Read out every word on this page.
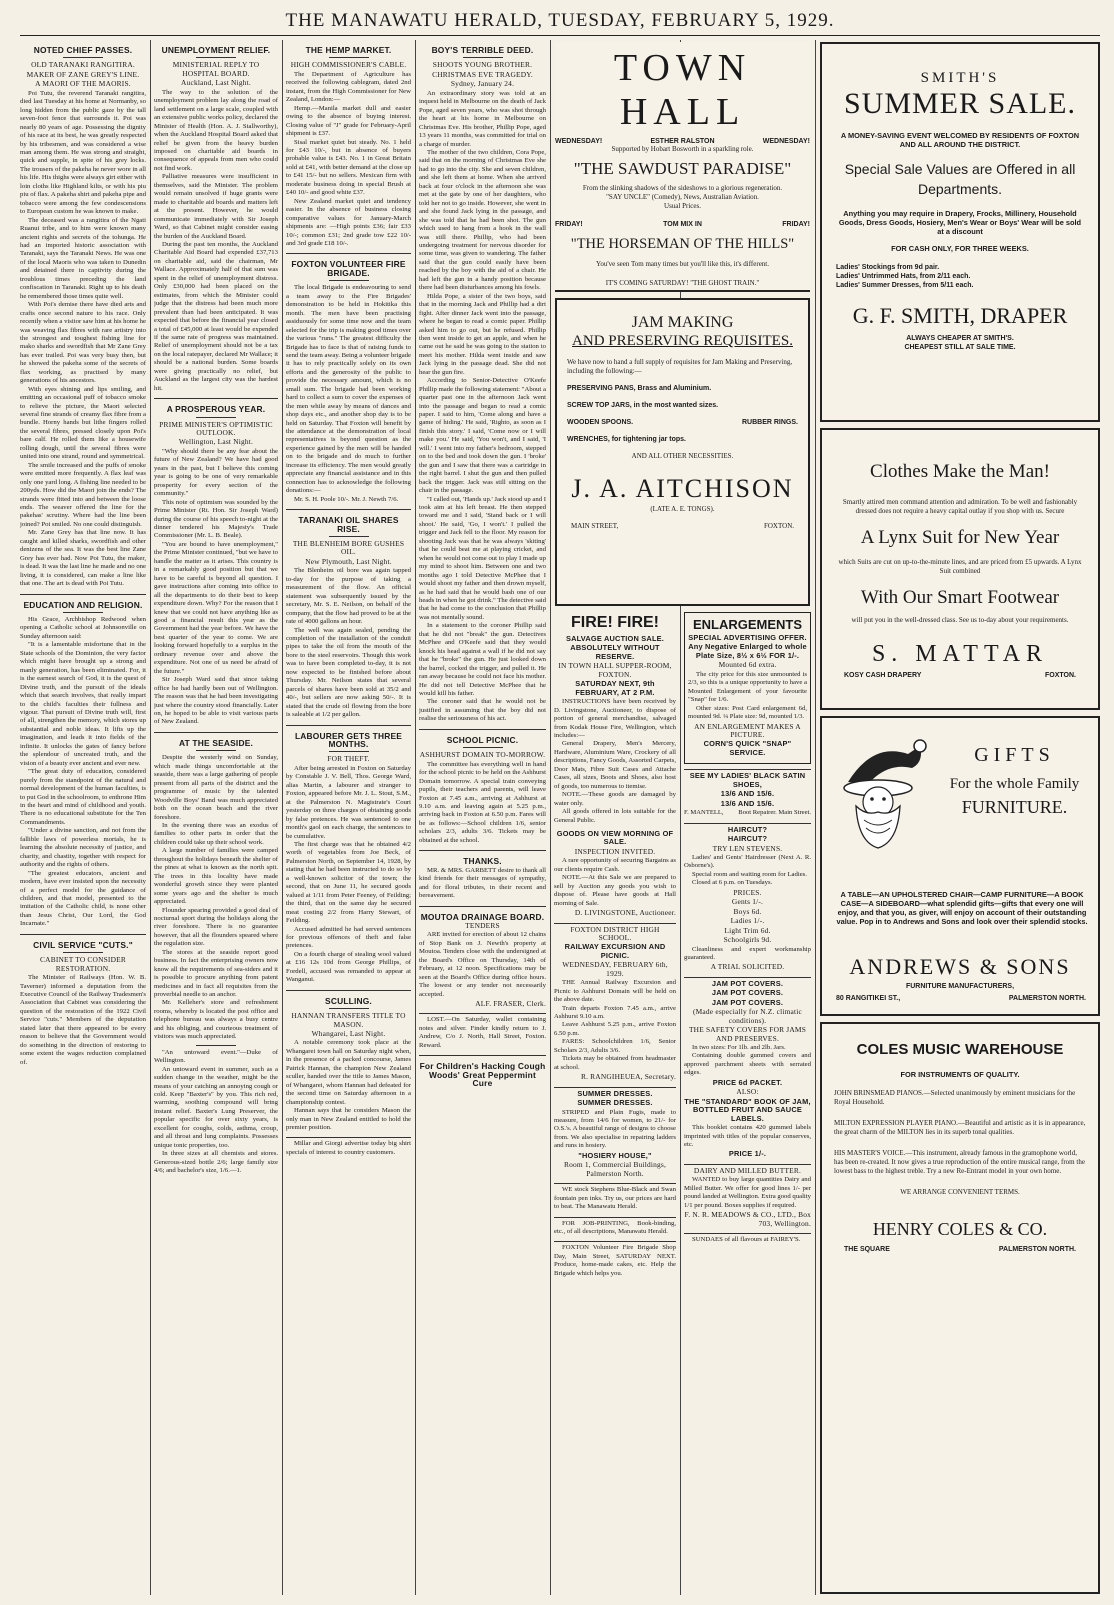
THE MANAWATU HERALD, TUESDAY, FEBRUARY 5, 1929.
NOTED CHIEF PASSES.
OLD TARANAKI RANGITIRA.
MAKER OF ZANE GREY'S LINE.
A MAORI OF THE MAORIS.

Poi Tutu, the reverend Taranaki rangitira, died last Tuesday at his home at Normanby, so long hidden from the public gaze by the tall seven-foot fence that surrounds it. Poi was nearly 80 years of age. Possessing the dignity of his race at its best, he was greatly respected by his tribesmen, and was considered a wise man among them. He was strong and straight, quick and supple, in spite of his grey locks. The trousers of the pakeha he never wore in all his life. His thighs were always girt either with loin cloths like Highland kilts, or with his piu piu of flax. A pakeha shirt and pakeha pipe and tobacco were among the few condescensions to European custom he was known to make.

The deceased was a rangitira of the Ngati Ruanui tribe, and to him were known many ancient rights and secrets of the tohunga. He had an imported historic association with Taranaki, says the Taranaki News. He was one of the local Maoris who was taken to Dunedin and detained there in captivity during the troublous times preceding the land confiscation in Taranaki. Right up to his death he remembered those times quite well.

With Poi's demise there have died arts and crafts once second nature to his race. Only recently when a visitor saw him at his home he was weaving flax fibres with rare artistry into the strongest and toughest fishing line for mako sharks and swordfish that Mr Zane Grey has ever trailed. Poi was very busy then, but he showed the pakeha some of the secrets of flax working, as practised by many generations of his ancestors.

With eyes shining and lips smiling, and emitting an occasional puff of tobacco smoke to relieve the picture, the Maori selected several fine strands of creamy flax fibre from a bundle. Horny hands but lithe fingers rolled the several fibres, pressed closely upon Poi's bare calf. He rolled them like a housewife rolling dough, until the several fibres were united into one strand, round and symmetrical.

The smile increased and the puffs of smoke were emitted more frequently. A flax leaf was only one yard long. A fishing line needed to be 200yds. How did the Maori join the ends? The strands were fitted into and between the loose ends. The weaver offered the line for the pakehas' scrutiny. Where had the line been joined? Poi smiled. No one could distinguish.

Mr. Zane Grey has that line now. It has caught and killed sharks, swordfish and other denizens of the sea. It was the best line Zane Grey has ever had. Now Poi Tutu, the maker, is dead. It was the last line he made and no one living, it is considered, can make a line like that one. The art is dead with Poi Tutu.

EDUCATION AND RELIGION.

His Grace, Archbishop Redwood when opening a Catholic school at Johnsonville on Sunday afternoon said:

"It is a lamentable misfortune that in the State schools of the Dominion, the very factor which might have brought up a strong and manly generation, has been eliminated. For, it is the earnest search of God, it is the quest of Divine truth, and the pursuit of the ideals which that search involves, that really impart to the child's faculties their fullness and vigour. That pursuit of Divine truth will, first of all, strengthen the memory, which stores up substantial and noble ideas. It lifts up the imagination, and leads it into fields of the infinite. It unlocks the gates of fancy before the splendour of uncreated truth, and the vision of a beauty ever ancient and ever new.

"The great duty of education, considered purely from the standpoint of the natural and normal development of the human faculties, is to put God in the schoolroom, to enthrone Him in the heart and mind of childhood and youth. There is no educational substitute for the Ten Commandments.

"Under a divine sanction, and not from the fallible laws of powerless mortals, he is learning the absolute necessity of justice, and charity, and chastity, together with respect for authority and the rights of others.

"The greatest educators, ancient and modern, have ever insisted upon the necessity of a perfect model for the guidance of children, and that model, presented to the imitation of the Catholic child, is none other than Jesus Christ, Our Lord, the God Incarnate."

CIVIL SERVICE "CUTS."
CABINET TO CONSIDER RESTORATION.

The Minister of Railways (Hon. W. B. Taverner) informed a deputation from the Executive Council of the Railway Tradesmen's Association that Cabinet was considering the question of the restoration of the 1922 Civil Service "cuts." Members of the deputation stated later that there appeared to be every reason to believe that the Government would do something in the direction of restoring to some extent the wages reduction complained of.

UNEMPLOYMENT RELIEF.
MINISTERIAL REPLY TO HOSPITAL BOARD.
Auckland, Last Night.

The way to the solution of the unemployment problem lay along the road of land settlement on a large scale, coupled with an extensive public works policy, declared the Minister of Health (Hon. A. J. Stallworthy), when the Auckland Hospital Board asked that relief be given from the heavy burden imposed on charitable aid boards in consequence of appeals from men who could not find work.

Palliative measures were insufficient in themselves, said the Minister. The problem would remain unsolved if huge grants were made to charitable aid boards and matters left at the present. However, he would communicate immediately with Sir Joseph Ward, so that Cabinet might consider easing the burden of the Auckland Board.

During the past ten months, the Auckland Charitable Aid Board had expended £37,713 on charitable aid, said the chairman, Mr Wallace. Approximately half of that sum was spent in the relief of unemployment distress. Only £30,000 had been placed on the estimates, from which the Minister could judge that the distress had been much more prevalent than had been anticipated. It was expected that before the financial year closed a total of £45,000 at least would be expended if the same rate of progress was maintained. Relief of unemployment should not be a tax on the local ratepayer, declared Mr Wallace; it should be a national burden. Some boards were giving practically no relief, but Auckland as the largest city was the hardest hit.

A PROSPEROUS YEAR.
PRIME MINISTER'S OPTIMISTIC OUTLOOK.
Wellington, Last Night.

"Why should there be any fear about the future of New Zealand? We have had good years in the past, but I believe this coming year is going to be one of very remarkable prosperity for every section of the community."

This note of optimism was sounded by the Prime Minister (Rt. Hon. Sir Joseph Ward) during the course of his speech to-night at the dinner tendered his Majesty's Trade Commissioner (Mr. L. B. Beale).

"You are bound to have unemployment," the Prime Minister continued, "but we have to handle the matter as it arises. This country is in a remarkably good position but that we have to be careful is beyond all question. I gave instructions after coming into office to all the departments to do their best to keep expenditure down. Why? For the reason that I knew that we could not have anything like as good a financial result this year as the Government had the year before. We have the best quarter of the year to come. We are looking forward hopefully to a surplus in the ordinary revenue over and above the expenditure. Not one of us need be afraid of the future."

Sir Joseph Ward said that since taking office he had hardly been out of Wellington. The reason was that he had been investigating just where the country stood financially. Later on, he hoped to be able to visit various parts of New Zealand.

AT THE SEASIDE.

Despite the westerly wind on Sunday, which made things uncomfortable at the seaside, there was a large gathering of people present from all parts of the district and the programme of music by the talented Woodville Boys' Band was much appreciated both on the ocean beach and the river foreshore.

In the evening there was an exodus of families to other parts in order that the children could take up their school work.

A large number of families were camped throughout the holidays beneath the shelter of the pines at what is known as the north spit. The trees in this locality have made wonderful growth since they were planted some years ago and the shelter is much appreciated.

Flounder spearing provided a good deal of nocturnal sport during the holidays along the river foreshore. There is no guarantee however, that all the flounders speared where the regulation size.

The stores at the seaside report good business. In fact the enterprising owners now know all the requirements of sea-siders and it is possible to procure anything from patent medicines and in fact all requisites from the proverbial needle to an anchor.

Mr. Kelleher's store and refreshment rooms, whereby is located the post office and telephone bureau was always a busy centre and his obliging, and courteous treatment of visitors was much appreciated.

"An untoward event."—Duke of Wellington.

An untoward event in summer, such as a sudden change in the weather, might be the means of your catching an annoying cough or cold. Keep "Baxter's" by you. This rich red, warming, soothing compound will bring instant relief. Baxter's Lung Preserver, the popular specific for over sixty years, is excellent for coughs, colds, asthma, croup, and all throat and lung complaints. Possesses unique tonic properties, too.

In three sizes at all chemists and stores. Generous-sized bottle 2/6; large family size 4/6; and bachelor's size, 1/6.—1.

THE HEMP MARKET.
HIGH COMMISSIONER'S CABLE.

The Department of Agriculture has received the following cablegram, dated 2nd instant, from the High Commissioner for New Zealand, London:—

Hemp.—Manila market dull and easier owing to the absence of buying interest. Closing value of "J" grade for February-April shipment is £37.

Sisal market quiet but steady. No. 1 held for £43 10/-, but in absence of buyers probable value is £43. No. 1 in Great Britain sold at £41, with better demand at the close up to £41 15/- but no sellers. Mexican firm with moderate business doing in special Brush at £40 10/- and good white £37.

New Zealand market quiet and tendency easier. In the absence of business closing comparative values for January-March shipments are: —High points £36; fair £33 10/-; common £31; 2nd grade tow £22 10/- and 3rd grade £18 10/-.

FOXTON VOLUNTEER FIRE BRIGADE.

The local Brigade is endeavouring to send a team away to the Fire Brigades' demonstration to be held in Hokitika this month. The men have been practising assiduously for some time now and the team selected for the trip is making good times over the various "runs." The greatest difficulty the Brigade has to face is that of raising funds to send the team away. Being a volunteer brigade it has to rely practically solely on its own efforts and the generosity of the public to provide the necessary amount, which is no small sum. The brigade had been working hard to collect a sum to cover the expenses of the men while away by means of dances and shop days etc., and another shop day is to be held on Saturday. That Foxton will benefit by the attendance at the demonstration of local representatives is beyond question as the experience gained by the men will be handed on to the brigade and do much to further increase its efficiency. The men would greatly appreciate any financial assistance and in this connection has to acknowledge the following donations:—

Mr. S. H. Poole 10/-. Mr. J. Newth 7/6.

TARANAKI OIL SHARES RISE.
THE BLENHEIM BORE GUSHES OIL.
New Plymouth, Last Night.

The Blenheim oil bore was again tapped to-day for the purpose of taking a measurement of the flow. An official statement was subsequently issued by the secretary, Mr. S. E. Neilson, on behalf of the company, that the flow had proved to be at the rate of 4000 gallons an hour.

The well was again sealed, pending the completion of the installation of the conduit pipes to take the oil from the mouth of the bore to the steel reservoirs. Though this work was to have been completed to-day, it is not now expected to be finished before about Thursday. Mr. Neilson states that several parcels of shares have been sold at 35/2 and 40/-, but sellers are now asking 50/-. It is stated that the crude oil flowing from the bore is saleable at 1/2 per gallon.

LABOURER GETS THREE MONTHS.
FOR THEFT.

After being arrested in Foxton on Saturday by Constable J. V. Bell, Thos. George Ward, alias Martin, a labourer and stranger to Foxton, appeared before Mr. J. L. Stout, S.M., at the Palmerston N. Magistrate's Court yesterday on three charges of obtaining goods by false pretences. He was sentenced to one month's gaol on each charge, the sentences to be cumulative.

The first charge was that he obtained 4/2 worth of vegetables from Joe Beck, of Palmerston North, on September 14, 1928, by stating that he had been instructed to do so by a well-known solicitor of the town; the second, that on June 11, he secured goods valued at 1/11 from Peter Feeney, of Feilding; the third, that on the same day he secured meat costing 2/2 from Harry Stewart, of Feilding.

Accused admitted he had served sentences for previous offences of theft and false pretences.

On a fourth charge of stealing wool valued at £16 12s 10d from George Phillips, of Fordell, accused was remanded to appear at Wanganui.

SCULLING.
HANNAN TRANSFERS TITLE TO MASON.
Whangarei, Last Night.

A notable ceremony took place at the Whangarei town hall on Saturday night when, in the presence of a packed concourse, James Patrick Hannan, the champion New Zealand sculler, handed over the title to James Mason, of Whangarei, whom Hannan had defeated for the second time on Saturday afternoon in a championship contest.

Hannan says that he considers Mason the only man in New Zealand entitled to hold the premier position.

Millar and Giorgi advertise today big shirt specials of interest to country customers.

BOY'S TERRIBLE DEED.
SHOOTS YOUNG BROTHER.
CHRISTMAS EVE TRAGEDY.
Sydney, January 24.

An extraordinary story was told at an inquest held in Melbourne on the death of Jack Pope, aged seven years, who was shot through the heart at his home in Melbourne on Christmas Eve. His brother, Phillip Pope, aged 13 years 11 months, was committed for trial on a charge of murder.

The mother of the two children, Cora Pope, said that on the morning of Christmas Eve she had to go into the city. She and seven children, and she left them at home. When she arrived back at four o'clock in the afternoon she was met at the gate by one of her daughters, who told her not to go inside. However, she went in and she found Jack lying in the passage, and she was told that he had been shot. The gun which used to hang from a hook in the wall was still there. Phillip, who had been undergoing treatment for nervous disorder for some time, was given to wandering. The father said that the gun could easily have been reached by the boy with the aid of a chair. He had left the gun in a handy position because there had been disturbances among his fowls.

Hilda Pope, a sister of the two boys, said that in the morning Jack and Phillip had a dirt fight. After dinner Jack went into the passage, where he began to read a comic paper. Phillip asked him to go out, but he refused. Phillip then went inside to get an apple, and when he came out he said he was going to the station to meet his mother. Hilda went inside and saw Jack lying in the passage dead. She did not hear the gun fire.

According to Senior-Detective O'Keefe Phillip made the following statement: "About a quarter past one in the afternoon Jack went into the passage and began to read a comic paper. I said to him, 'Come along and have a game of hiding.' He said, 'Righto, as soon as I finish this story.' I said, 'Come now or I will make you.' He said, 'You won't, and I said, 'I will.' I went into my father's bedroom, stepped on to the bed and took down the gun. I 'broke' the gun and I saw that there was a cartridge in the right barrel. I shut the gun and then pulled back the trigger. Jack was still sitting on the chair in the passage.

"I called out, 'Hands up.' Jack stood up and I took aim at his left breast. He then stepped toward me and I said, 'Stand back or I will shoot.' He said, 'Go, I won't.' I pulled the trigger and Jack fell to the floor. My reason for shooting Jack was that he was always 'skiting' that he could beat me at playing cricket, and when he would not come out to play I made up my mind to shoot him. Between one and two months ago I told Detective McPhee that I would shoot my father and then drown myself, as he had said that he would bash one of our heads in when he got drink." The detective said that he had come to the conclusion that Phillip was not mentally sound.

In a statement to the coroner Phillip said that he did not "break" the gun. Detectives McPhee and O'Keefe said that they would knock his head against a wall if he did not say that he "broke" the gun. He just looked down the barrel, cocked the trigger, and pulled it. He ran away because he could not face his mother. He did not tell Detective McPhee that he would kill his father.

The coroner said that he would not be justified in assuming that the boy did not realise the seriousness of his act.

SCHOOL PICNIC.
ASHHURST DOMAIN TO-MORROW.

The committee has everything well in hand for the school picnic to be held on the Ashhurst Domain tomorrow. A special train conveying pupils, their teachers and parents, will leave Foxton at 7.45 a.m., arriving at Ashhurst at 9.10 a.m. and leaving again at 5.25 p.m., arriving back in Foxton at 6.50 p.m. Fares will be as follows:—School children 1/6, senior scholars 2/3, adults 3/6. Tickets may be obtained at the school.

THANKS.

MR. & MRS. GARBETT desire to thank all kind friends for their messages of sympathy, and for floral tributes, in their recent and bereavement.

MOUTOA DRAINAGE BOARD.
TENDERS

ARE invited for erection of about 12 chains of Stop Bank on J. Newth's property at Moutoa. Tenders close with the undersigned at the Board's Office on Thursday, 14th of February, at 12 noon. Specifications may be seen at the Board's Office during office hours. The lowest or any tender not necessarily accepted.

ALF. FRASER, Clerk.

LOST.—On Saturday, wallet containing notes and silver. Finder kindly return to J. Andrew, C/o J. North, Hall Street, Foxton. Reward.

For Children's Hacking Cough Woods' Great Peppermint Cure
TOWN HALL
WEDNESDAY!	ESTHER RALSTON	WEDNESDAY!
Supported by Hobart Bosworth in a sparkling role.
"THE SAWDUST PARADISE"
From the slinking shadows of the sideshows to a glorious regeneration.
"SAY UNCLE" (Comedy), News, Australian Aviation.
Usual Prices.
FRIDAY!	TOM MIX IN	FRIDAY!
"THE HORSEMAN OF THE HILLS"
You've seen Tom many times but you'll like this, it's different.
IT'S COMING SATURDAY! "THE GHOST TRAIN."
JAM MAKING
AND PRESERVING REQUISITES.
We have now to hand a full supply of requisites for Jam Making and Preserving, including the following:—
PRESERVING PANS, Brass and Aluminium.
SCREW TOP JARS, in the most wanted sizes.
WOODEN SPOONS.	RUBBER RINGS.
WRENCHES, for tightening jar tops.
AND ALL OTHER NECESSITIES.
J. A. AITCHISON
(LATE A. E. TONGS).
MAIN STREET,	FOXTON.
FIRE! FIRE!
SALVAGE AUCTION SALE.
ABSOLUTELY WITHOUT RESERVE.
IN TOWN HALL SUPPER-ROOM, FOXTON.
SATURDAY NEXT, 9th FEBRUARY, AT 2 P.M.

INSTRUCTIONS have been received by D. Livingstone, Auctioneer, to dispose of portion of general merchandise, salvaged from Kodak House Fire, Wellington, which includes:—

General Drapery, Men's Mercery, Hardware, Aluminium Ware, Crockery of all descriptions, Fancy Goods, Assorted Carpets, Door Mats, Fibre Suit Cases and Attache Cases, all sizes, Boots and Shoes, also host of goods, too numerous to itemise.

NOTE.—These goods are damaged by water only.

All goods offered in lots suitable for the General Public.

GOODS ON VIEW MORNING OF SALE.
INSPECTION INVITED.

A rare opportunity of securing Bargains as our clients require Cash.

NOTE.—At this Sale we are prepared to sell by Auction any goods you wish to dispose of. Please have goods at Hall morning of Sale.

D. LIVINGSTONE, Auctioneer.
FOXTON DISTRICT HIGH SCHOOL.
RAILWAY EXCURSION AND PICNIC.
WEDNESDAY, FEBRUARY 6th, 1929.

THE Annual Railway Excursion and Picnic to Ashhurst Domain will be held on the above date.

Train departs Foxton 7.45 a.m., arrive Ashhurst 9.10 a.m.

Leave Ashhurst 5.25 p.m., arrive Foxton 6.50 p.m.

FARES: Schoolchildren 1/6, Senior Scholars 2/3, Adults 3/6.

Tickets may be obtained from headmaster at school.

R. RANGIHEUEA, Secretary.
SUMMER DRESSES.
SUMMER DRESSES.

STRIPED and Plain Fugis, made to measure, from 14/6 for women, to 21/- for O.S.'s. A beautiful range of designs to choose from. We also specialise in repairing ladders and runs in hosiery.

"HOSIERY HOUSE,"
Room 1, Commercial Buildings, Palmerston North.

WE stock Stephens Blue-Black and Swan fountain pen inks. Try us, our prices are hard to beat. The Manawatu Herald.

FOR JOB-PRINTING, Book-binding, etc., of all descriptions, Manawatu Herald.

FOXTON Volunteer Fire Brigade Shop Day, Main Street, SATURDAY NEXT. Produce, home-made cakes, etc. Help the Brigade which helps you.

ENLARGEMENTS
SPECIAL ADVERTISING OFFER.
Any Negative Enlarged to whole Plate Size, 8½ x 6½ FOR 1/-.
Mounted 6d extra.

The city price for this size unmounted is 2/3, so this is a unique opportunity to have a Mounted Enlargement of your favourite "Snap" for 1/6.

Other sizes: Post Card enlargement 6d, mounted 9d. ¼ Plate size: 9d, mounted 1/3.

AN ENLARGEMENT MAKES A PICTURE.
CORN'S QUICK "SNAP" SERVICE.
SEE MY LADIES' BLACK SATIN SHOES,
13/6 AND 15/6.
13/6 AND 15/6.
F. MANTELL, Boot Repairer. Main Street.
HAIRCUT?
HAIRCUT?
TRY LEN STEVENS.

Ladies' and Gents' Hairdresser (Next A. R. Osborne's).

Special room and waiting room for Ladies.

Closed at 6 p.m. on Tuesdays.

PRICES.
Gents 1/-.
Boys 6d.
Ladies 1/-.
Light Trim 6d.
Schoolgirls 9d.

Cleanliness and expert workmanship guaranteed.

A TRIAL SOLICITED.
JAM POT COVERS.
JAM POT COVERS.
JAM POT COVERS.
(Made especially for N.Z. climatic conditions).
THE SAFETY COVERS FOR JAMS AND PRESERVES.

In two sizes: For 1lb. and 2lb. Jars.

Containing double gummed covers and approved parchment sheets with serrated edges.

PRICE 6d PACKET.
ALSO:
THE "STANDARD" BOOK OF JAM, BOTTLED FRUIT AND SAUCE LABELS.

This booklet contains 420 gummed labels imprinted with titles of the popular conserves, etc.

PRICE 1/-.
DAIRY AND MILLED BUTTER.

WANTED to buy large quantities Dairy and Milled Butter. We offer for good lines 1/- per pound landed at Wellington. Extra good quality 1/1 per pound. Boxes supplies if required.

F. N. R. MEADOWS & CO., LTD., Box 703, Wellington.

SUNDAES of all flavours at FAIREY'S.

SMITH'S
SUMMER SALE.
A MONEY-SAVING EVENT WELCOMED BY RESIDENTS OF FOXTON AND ALL AROUND THE DISTRICT.
Special Sale Values are Offered in all Departments.
Anything you may require in Drapery, Frocks, Millinery, Household Goods, Dress Goods, Hosiery, Men's Wear or Boys' Wear will be sold at a discount
FOR CASH ONLY, FOR THREE WEEKS.
Ladies' Stockings from 9d pair.
Ladies' Untrimmed Hats, from 2/11 each.
Ladies' Summer Dresses, from 5/11 each.
G. F. SMITH, DRAPER
ALWAYS CHEAPER AT SMITH'S.
CHEAPEST STILL AT SALE TIME.
Clothes Make the Man!
Smartly attired men command attention and admiration. To be well and fashionably dressed does not require a heavy capital outlay if you shop with us. Secure
A Lynx Suit for New Year
which Suits are cut on up-to-the-minute lines, and are priced from £5 upwards. A Lynx Suit combined
With Our Smart Footwear
will put you in the well-dressed class. See us to-day about your requirements.
S. MATTAR
KOSY CASH DRAPERY	FOXTON.
GIFTS
For the whole Family
FURNITURE.
A TABLE—AN UPHOLSTERED CHAIR—CAMP FURNITURE—A BOOK CASE—A SIDEBOARD—what splendid gifts—gifts that every one will enjoy, and that you, as giver, will enjoy on account of their outstanding value. Pop in to Andrews and Sons and look over their splendid stocks.
ANDREWS & SONS
FURNITURE MANUFACTURERS,
80 RANGITIKEI ST.,	PALMERSTON NORTH.
COLES MUSIC WAREHOUSE
FOR INSTRUMENTS OF QUALITY.
JOHN BRINSMEAD PIANOS.—Selected unanimously by eminent musicians for the Royal Household.
MILTON EXPRESSION PLAYER PIANO.—Beautiful and artistic as it is in appearance, the great charm of the MILTON lies in its superb tonal qualities.
HIS MASTER'S VOICE.—This instrument, already famous in the gramophone world, has been re-created. It now gives a true reproduction of the entire musical range, from the lowest bass to the highest treble. Try a new Re-Entrant model in your own home.
WE ARRANGE CONVENIENT TERMS.
HENRY COLES & CO.
THE SQUARE	PALMERSTON NORTH.
